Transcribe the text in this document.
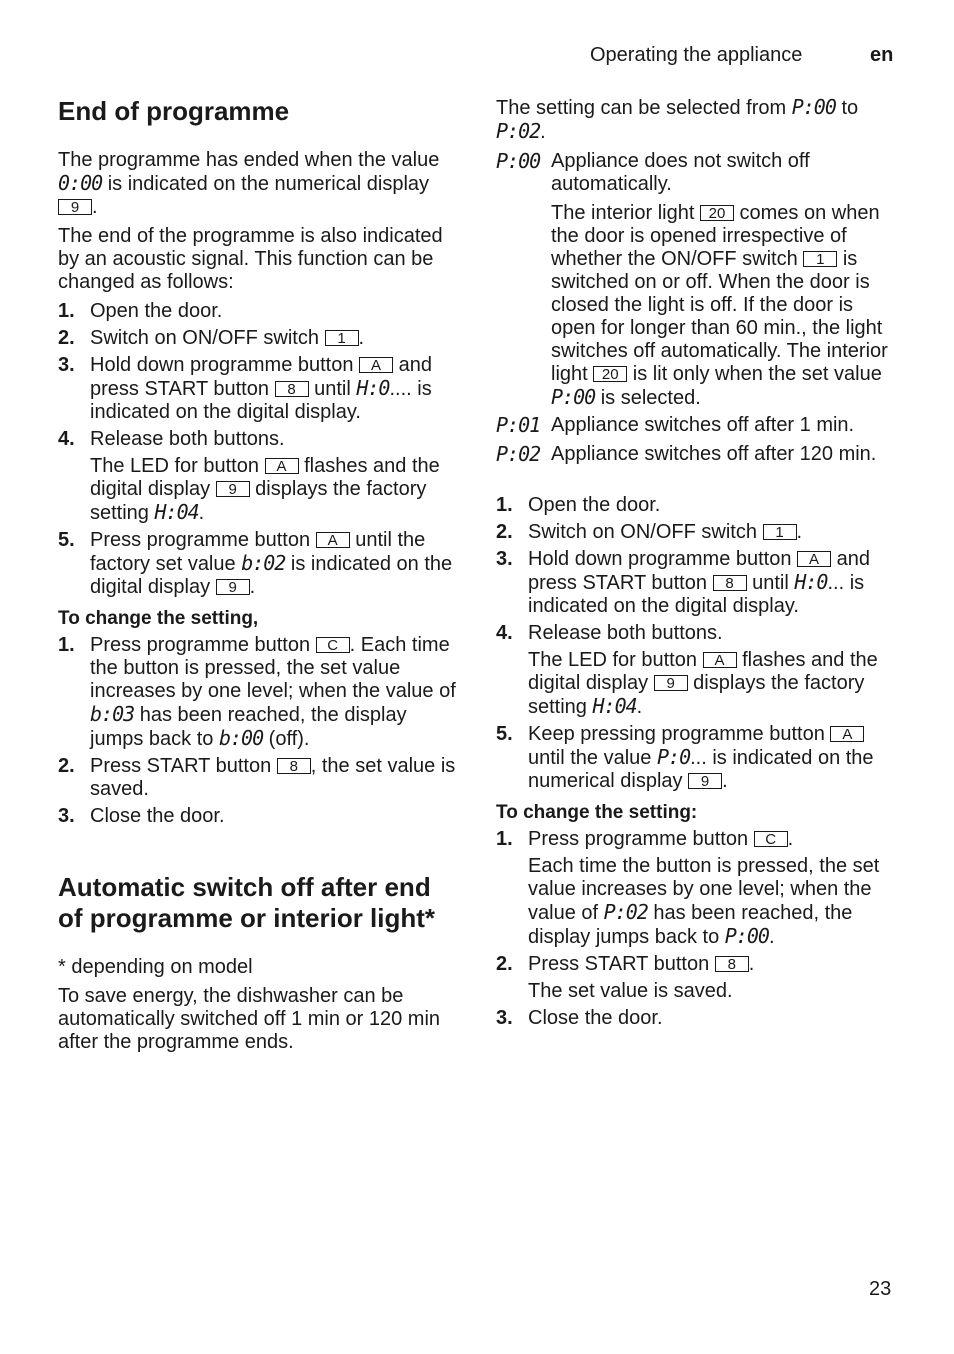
Operating the appliance	en
End of programme

The programme has ended when the value 0:00 is indicated on the numerical display 9 .

The end of the programme is also indicated by an acoustic signal. This function can be changed as follows:

1. Open the door.
2. Switch on ON/OFF switch 1 .
3. Hold down programme button A and press START button 8 until H:0.... is indicated on the digital display.
4. Release both buttons.
The LED for button A flashes and the digital display 9 displays the factory setting H:04.
5. Press programme button A until the factory set value b:02 is indicated on the digital display 9 .
To change the setting,
1. Press programme button C . Each time the button is pressed, the set value increases by one level; when the value of b:03 has been reached, the display jumps back to b:00 (off).
2. Press START button 8 , the set value is saved.
3. Close the door.
Automatic switch off after end of programme or interior light*

* depending on model

To save energy, the dishwasher can be automatically switched off 1 min or 120 min after the programme ends.

The setting can be selected from P:00 to P:02.

P:00 Appliance does not switch off automatically.
The interior light 20 comes on when the door is opened irrespective of whether the ON/OFF switch 1 is switched on or off. When the door is closed the light is off. If the door is open for longer than 60 min., the light switches off automatically. The interior light 20 is lit only when the set value P:00 is selected.
P:01 Appliance switches off after 1 min.
P:02 Appliance switches off after 120 min.
1. Open the door.
2. Switch on ON/OFF switch 1 .
3. Hold down programme button A and press START button 8 until H:0... is indicated on the digital display.
4. Release both buttons.
The LED for button A flashes and the digital display 9 displays the factory setting H:04.
5. Keep pressing programme button A until the value P:0... is indicated on the numerical display 9 .
To change the setting:
1. Press programme button C .
Each time the button is pressed, the set value increases by one level; when the value of P:02 has been reached, the display jumps back to P:00.
2. Press START button 8 .
The set value is saved.
3. Close the door.
23
